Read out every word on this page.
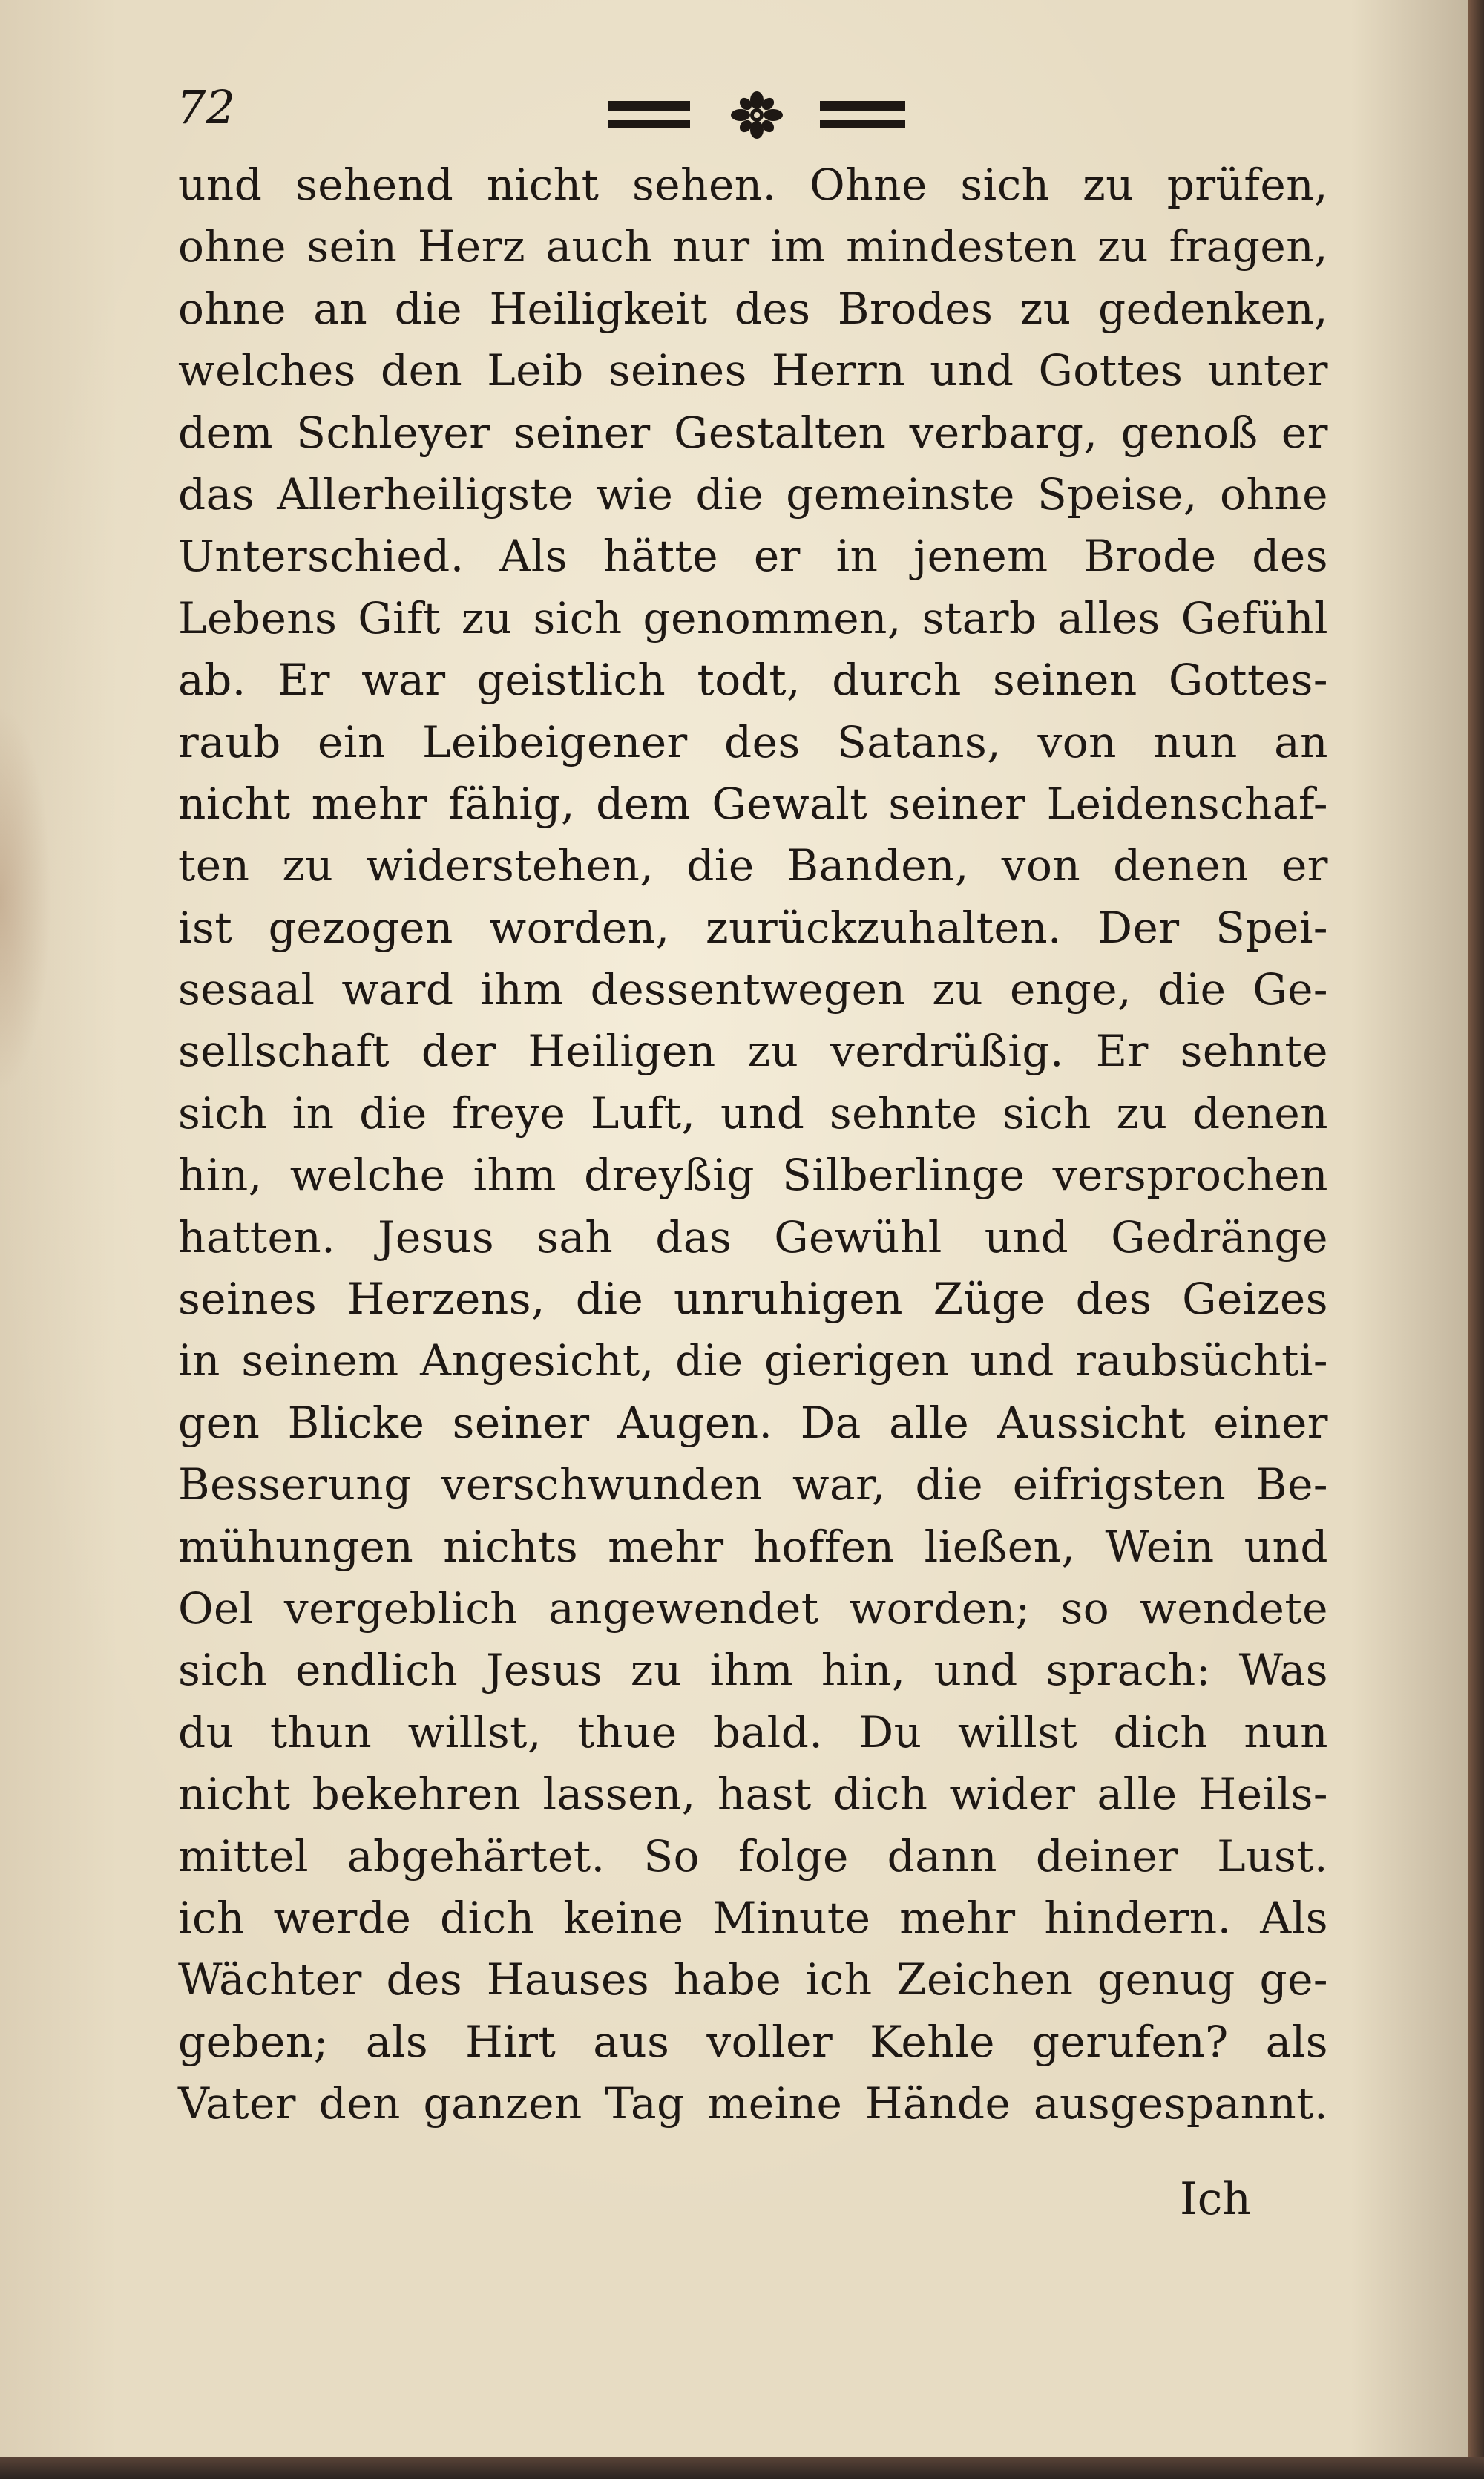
72
und sehend nicht sehen. Ohne sich zu prüfen,
ohne sein Herz auch nur im mindesten zu fragen,
ohne an die Heiligkeit des Brodes zu gedenken,
welches den Leib seines Herrn und Gottes unter
dem Schleyer seiner Gestalten verbarg, genoß er
das Allerheiligste wie die gemeinste Speise, ohne
Unterschied. Als hätte er in jenem Brode des
Lebens Gift zu sich genommen, starb alles Gefühl
ab. Er war geistlich todt, durch seinen Gottes-
raub ein Leibeigener des Satans, von nun an
nicht mehr fähig, dem Gewalt seiner Leidenschaf-
ten zu widerstehen, die Banden, von denen er
ist gezogen worden, zurückzuhalten. Der Spei-
sesaal ward ihm dessentwegen zu enge, die Ge-
sellschaft der Heiligen zu verdrüßig. Er sehnte
sich in die freye Luft, und sehnte sich zu denen
hin, welche ihm dreyßig Silberlinge versprochen
hatten. Jesus sah das Gewühl und Gedränge
seines Herzens, die unruhigen Züge des Geizes
in seinem Angesicht, die gierigen und raubsüchti-
gen Blicke seiner Augen. Da alle Aussicht einer
Besserung verschwunden war, die eifrigsten Be-
mühungen nichts mehr hoffen ließen, Wein und
Oel vergeblich angewendet worden; so wendete
sich endlich Jesus zu ihm hin, und sprach: Was
du thun willst, thue bald. Du willst dich nun
nicht bekehren lassen, hast dich wider alle Heils-
mittel abgehärtet. So folge dann deiner Lust.
ich werde dich keine Minute mehr hindern. Als
Wächter des Hauses habe ich Zeichen genug ge-
geben; als Hirt aus voller Kehle gerufen? als
Vater den ganzen Tag meine Hände ausgespannt.
Ich
